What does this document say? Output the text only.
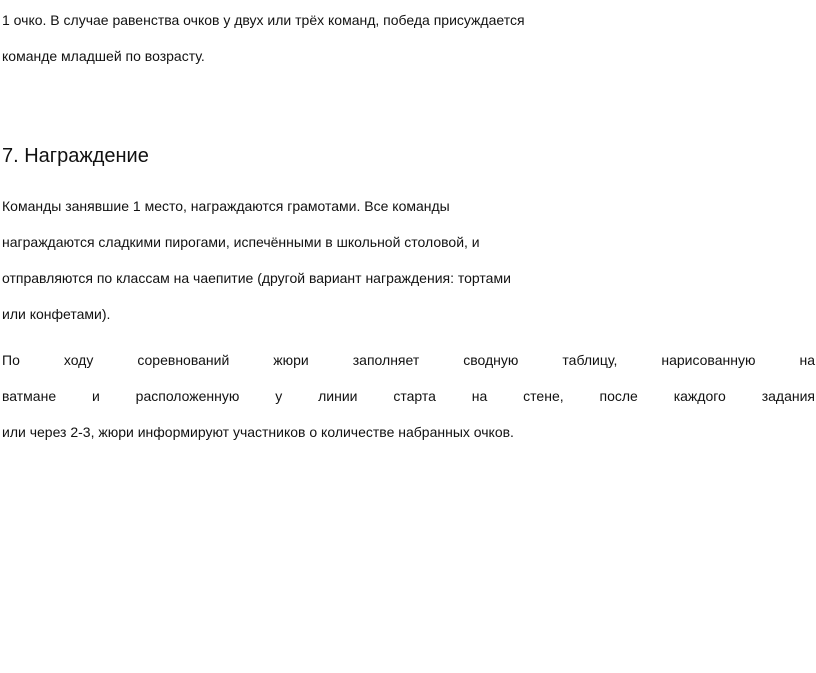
1 очко. В случае равенства очков у двух или трёх команд, победа присуждается
команде младшей по возрасту.

7. Награждение

Команды занявшие 1 место, награждаются грамотами. Все команды
награждаются сладкими пирогами, испечёнными в школьной столовой, и
отправляются по классам на чаепитие (другой вариант награждения: тортами
или конфетами).

По ходу соревнований жюри заполняет сводную таблицу, нарисованную на
ватмане и расположенную у линии старта на стене, после каждого задания
или через 2-3, жюри информируют участников о количестве набранных очков.
